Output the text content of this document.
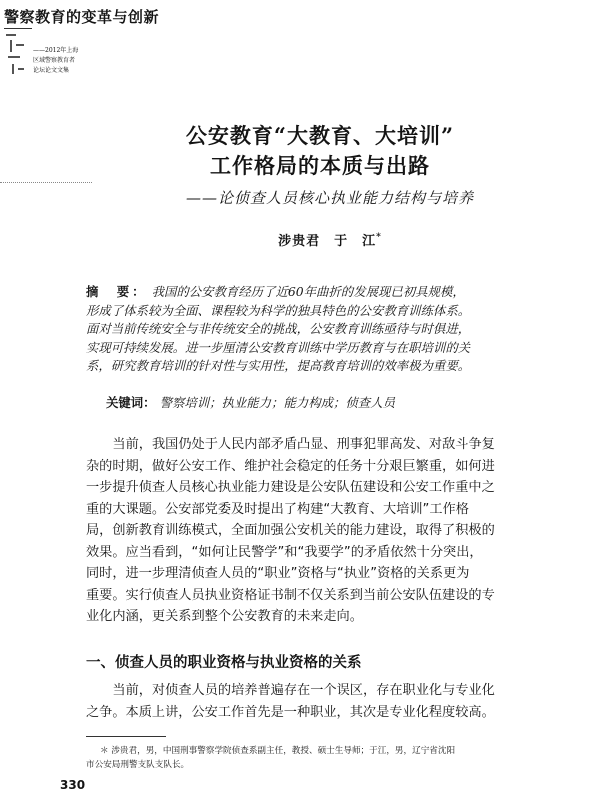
警察教育的变革与创新
——2012年上海
区域警察教育者
论坛论文文集
公安教育“大教育、大培训”
工作格局的本质与出路
——论侦查人员核心执业能力结构与培养
涉贵君　于　江*

摘　要： 我国的公安教育经历了近60年曲折的发展现已初具规模，

形成了体系较为全面、课程较为科学的独具特色的公安教育训练体系。

面对当前传统安全与非传统安全的挑战，公安教育训练亟待与时俱进，

实现可持续发展。进一步厘清公安教育训练中学历教育与在职培训的关

系，研究教育培训的针对性与实用性，提高教育培训的效率极为重要。

关键词： 警察培训；执业能力；能力构成；侦查人员

当前，我国仍处于人民内部矛盾凸显、刑事犯罪高发、对敌斗争复

杂的时期，做好公安工作、维护社会稳定的任务十分艰巨繁重，如何进

一步提升侦查人员核心执业能力建设是公安队伍建设和公安工作重中之

重的大课题。公安部党委及时提出了构建“大教育、大培训”工作格

局，创新教育训练模式，全面加强公安机关的能力建设，取得了积极的

效果。应当看到，“如何让民警学”和“我要学”的矛盾依然十分突出，

同时，进一步理清侦查人员的“职业”资格与“执业”资格的关系更为

重要。实行侦查人员执业资格证书制不仅关系到当前公安队伍建设的专

业化内涵，更关系到整个公安教育的未来走向。

一、侦查人员的职业资格与执业资格的关系

当前，对侦查人员的培养普遍存在一个误区，存在职业化与专业化

之争。本质上讲，公安工作首先是一种职业，其次是专业化程度较高。

＊ 涉贵君，男，中国刑事警察学院侦查系副主任，教授、硕士生导师；于江，男，辽宁省沈阳

市公安局刑警支队支队长。

330
